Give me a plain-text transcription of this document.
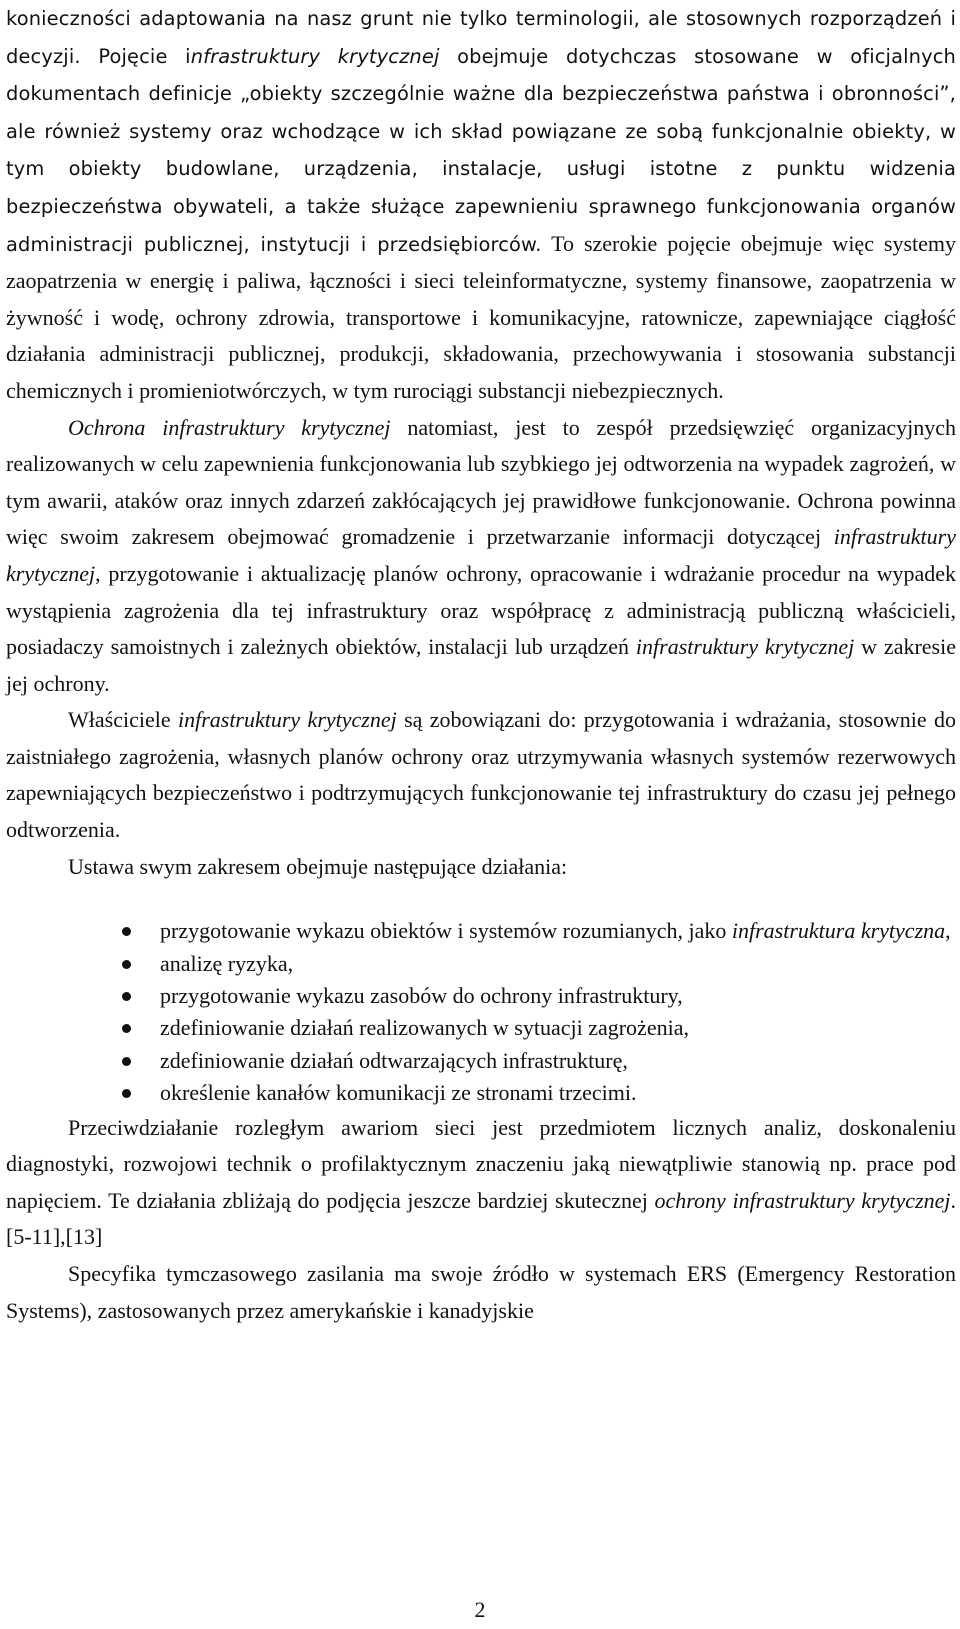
konieczności adaptowania na nasz grunt nie tylko terminologii, ale stosownych rozporządzeń i decyzji. Pojęcie infrastruktury krytycznej obejmuje dotychczas stosowane w oficjalnych dokumentach definicje „obiekty szczególnie ważne dla bezpieczeństwa państwa i obronności”, ale również systemy oraz wchodzące w ich skład powiązane ze sobą funkcjonalnie obiekty, w tym obiekty budowlane, urządzenia, instalacje, usługi istotne z punktu widzenia bezpieczeństwa obywateli, a także służące zapewnieniu sprawnego funkcjonowania organów administracji publicznej, instytucji i przedsiębiorców. To szerokie pojęcie obejmuje więc systemy zaopatrzenia w energię i paliwa, łączności i sieci teleinformatyczne, systemy finansowe, zaopatrzenia w żywność i wodę, ochrony zdrowia, transportowe i komunikacyjne, ratownicze, zapewniające ciągłość działania administracji publicznej, produkcji, składowania, przechowywania i stosowania substancji chemicznych i promieniotwórczych, w tym rurociągi substancji niebezpiecznych.

Ochrona infrastruktury krytycznej natomiast, jest to zespół przedsięwzięć organizacyjnych realizowanych w celu zapewnienia funkcjonowania lub szybkiego jej odtworzenia na wypadek zagrożeń, w tym awarii, ataków oraz innych zdarzeń zakłócających jej prawidłowe funkcjonowanie. Ochrona powinna więc swoim zakresem obejmować gromadzenie i przetwarzanie informacji dotyczącej infrastruktury krytycznej, przygotowanie i aktualizację planów ochrony, opracowanie i wdrażanie procedur na wypadek wystąpienia zagrożenia dla tej infrastruktury oraz współpracę z administracją publiczną właścicieli, posiadaczy samoistnych i zależnych obiektów, instalacji lub urządzeń infrastruktury krytycznej w zakresie jej ochrony.

Właściciele infrastruktury krytycznej są zobowiązani do: przygotowania i wdrażania, stosownie do zaistniałego zagrożenia, własnych planów ochrony oraz utrzymywania własnych systemów rezerwowych zapewniających bezpieczeństwo i podtrzymujących funkcjonowanie tej infrastruktury do czasu jej pełnego odtworzenia.

Ustawa swym zakresem obejmuje następujące działania:

przygotowanie wykazu obiektów i systemów rozumianych, jako infrastruktura krytyczna,
analizę ryzyka,
przygotowanie wykazu zasobów do ochrony infrastruktury,
zdefiniowanie działań realizowanych w sytuacji zagrożenia,
zdefiniowanie działań odtwarzających infrastrukturę,
określenie kanałów komunikacji ze stronami trzecimi.

Przeciwdziałanie rozległym awariom sieci jest przedmiotem licznych analiz, doskonaleniu diagnostyki, rozwojowi technik o profilaktycznym znaczeniu jaką niewątpliwie stanowią np. prace pod napięciem. Te działania zbliżają do podjęcia jeszcze bardziej skutecznej ochrony infrastruktury krytycznej. [5-11],[13]

Specyfika tymczasowego zasilania ma swoje źródło w systemach ERS (Emergency Restoration Systems), zastosowanych przez amerykańskie i kanadyjskie

2
